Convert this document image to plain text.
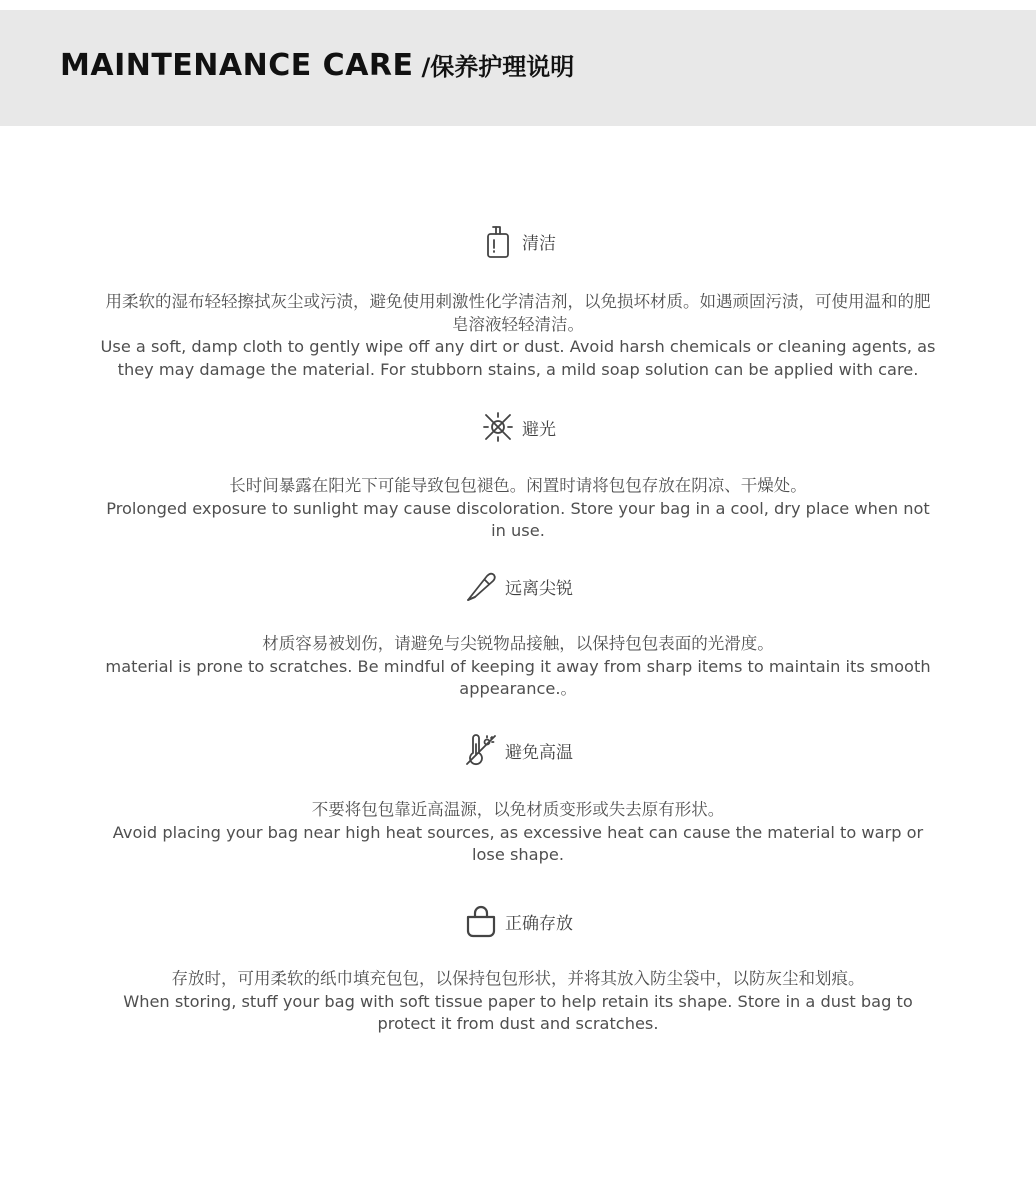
MAINTENANCE CARE /保养护理说明
清洁
用柔软的湿布轻轻擦拭灰尘或污渍，避免使用刺激性化学清洁剂，以免损坏材质。如遇顽固污渍，可使用温和的肥皂溶液轻轻清洁。
Use a soft, damp cloth to gently wipe off any dirt or dust. Avoid harsh chemicals or cleaning agents, as they may damage the material. For stubborn stains, a mild soap solution can be applied with care.
避光
长时间暴露在阳光下可能导致包包褪色。闲置时请将包包存放在阴凉、干燥处。
Prolonged exposure to sunlight may cause discoloration. Store your bag in a cool, dry place when not in use.
远离尖锐
材质容易被划伤，请避免与尖锐物品接触，以保持包包表面的光滑度。
material is prone to scratches. Be mindful of keeping it away from sharp items to maintain its smooth appearance.。
避免高温
不要将包包靠近高温源，以免材质变形或失去原有形状。
Avoid placing your bag near high heat sources, as excessive heat can cause the material to warp or lose shape.
正确存放
存放时，可用柔软的纸巾填充包包，以保持包包形状，并将其放入防尘袋中，以防灰尘和划痕。
When storing, stuff your bag with soft tissue paper to help retain its shape. Store in a dust bag to protect it from dust and scratches.
